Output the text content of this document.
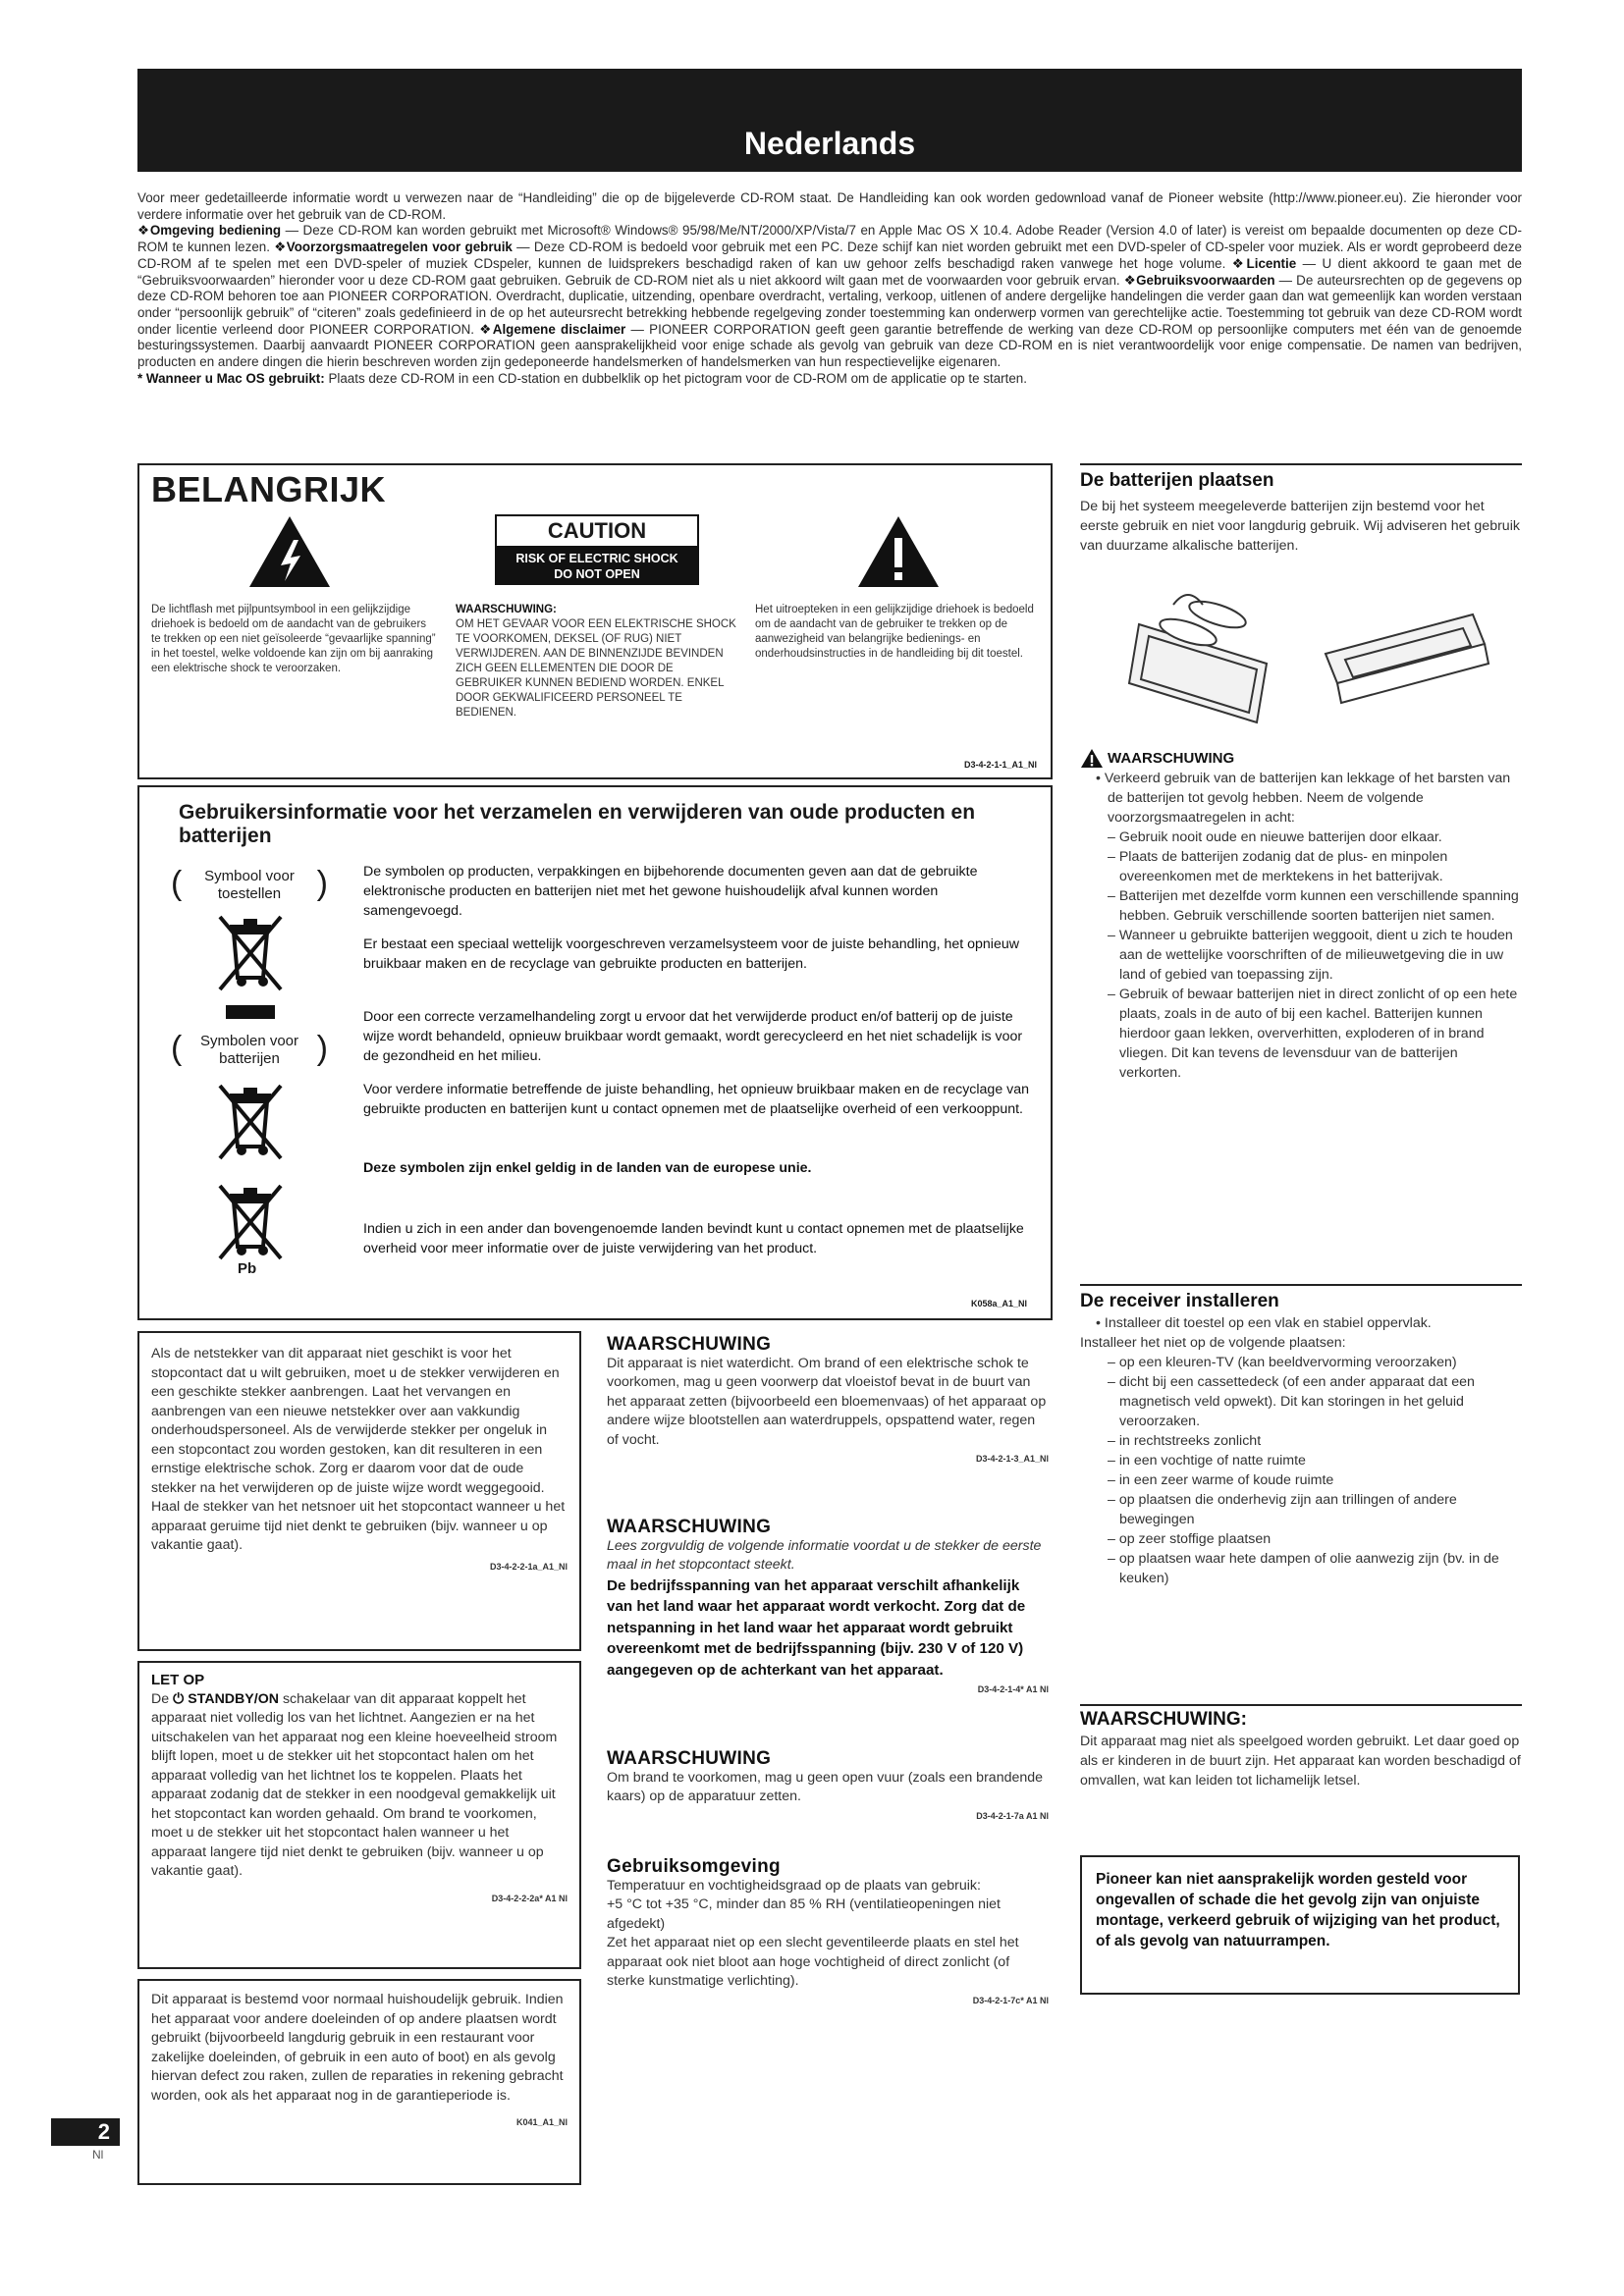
Nederlands

Voor meer gedetailleerde informatie wordt u verwezen naar de “Handleiding” die op de bijgeleverde CD-ROM staat. De Handleiding kan ook worden gedownload vanaf de Pioneer website (http://www.pioneer.eu). Zie hieronder voor verdere informatie over het gebruik van de CD-ROM.

❖Omgeving bediening — Deze CD-ROM kan worden gebruikt met Microsoft® Windows® 95/98/Me/NT/2000/XP/Vista/7 en Apple Mac OS X 10.4. Adobe Reader (Version 4.0 of later) is vereist om bepaalde documenten op deze CD-ROM te kunnen lezen. ❖Voorzorgsmaatregelen voor gebruik — Deze CD-ROM is bedoeld voor gebruik met een PC. Deze schijf kan niet worden gebruikt met een DVD-speler of CD-speler voor muziek. Als er wordt geprobeerd deze CD-ROM af te spelen met een DVD-speler of muziek CDspeler, kunnen de luidsprekers beschadigd raken of kan uw gehoor zelfs beschadigd raken vanwege het hoge volume. ❖Licentie — U dient akkoord te gaan met de “Gebruiksvoorwaarden” hieronder voor u deze CD-ROM gaat gebruiken. Gebruik de CD-ROM niet als u niet akkoord wilt gaan met de voorwaarden voor gebruik ervan. ❖Gebruiksvoorwaarden — De auteursrechten op de gegevens op deze CD-ROM behoren toe aan PIONEER CORPORATION. Overdracht, duplicatie, uitzending, openbare overdracht, vertaling, verkoop, uitlenen of andere dergelijke handelingen die verder gaan dan wat gemeenlijk kan worden verstaan onder “persoonlijk gebruik” of “citeren” zoals gedefinieerd in de op het auteursrecht betrekking hebbende regelgeving zonder toestemming kan onderwerp vormen van gerechtelijke actie. Toestemming tot gebruik van deze CD-ROM wordt onder licentie verleend door PIONEER CORPORATION. ❖Algemene disclaimer — PIONEER CORPORATION geeft geen garantie betreffende de werking van deze CD-ROM op persoonlijke computers met één van de genoemde besturingssystemen. Daarbij aanvaardt PIONEER CORPORATION geen aansprakelijkheid voor enige schade als gevolg van gebruik van deze CD-ROM en is niet verantwoordelijk voor enige compensatie. De namen van bedrijven, producten en andere dingen die hierin beschreven worden zijn gedeponeerde handelsmerken of handelsmerken van hun respectievelijke eigenaren.

* Wanneer u Mac OS gebruikt: Plaats deze CD-ROM in een CD-station en dubbelklik op het pictogram voor de CD-ROM om de applicatie op te starten.

BELANGRIJK
CAUTION
RISK OF ELECTRIC SHOCK
DO NOT OPEN
De lichtflash met pijlpuntsymbool in een gelijkzijdige driehoek is bedoeld om de aandacht van de gebruikers te trekken op een niet geïsoleerde “gevaarlijke spanning” in het toestel, welke voldoende kan zijn om bij aanraking een elektrische shock te veroorzaken.
WAARSCHUWING:
OM HET GEVAAR VOOR EEN ELEKTRISCHE SHOCK TE VOORKOMEN, DEKSEL (OF RUG) NIET VERWIJDEREN. AAN DE BINNENZIJDE BEVINDEN ZICH GEEN ELLEMENTEN DIE DOOR DE GEBRUIKER KUNNEN BEDIEND WORDEN. ENKEL DOOR GEKWALIFICEERD PERSONEEL TE BEDIENEN.
Het uitroepteken in een gelijkzijdige driehoek is bedoeld om de aandacht van de gebruiker te trekken op de aanwezigheid van belangrijke bedienings- en onderhoudsinstructies in de handleiding bij dit toestel.
D3-4-2-1-1_A1_Nl
Gebruikersinformatie voor het verzamelen en verwijderen van oude producten en batterijen
( Symbool voor toestellen )
( Symbolen voor batterijen )
Pb
De symbolen op producten, verpakkingen en bijbehorende documenten geven aan dat de gebruikte elektronische producten en batterijen niet met het gewone huishoudelijk afval kunnen worden samengevoegd.
Er bestaat een speciaal wettelijk voorgeschreven verzamelsysteem voor de juiste behandling, het opnieuw bruikbaar maken en de recyclage van gebruikte producten en batterijen.
Door een correcte verzamelhandeling zorgt u ervoor dat het verwijderde product en/of batterij op de juiste wijze wordt behandeld, opnieuw bruikbaar wordt gemaakt, wordt gerecycleerd en het niet schadelijk is voor de gezondheid en het milieu.
Voor verdere informatie betreffende de juiste behandling, het opnieuw bruikbaar maken en de recyclage van gebruikte producten en batterijen kunt u contact opnemen met de plaatselijke overheid of een verkooppunt.
Deze symbolen zijn enkel geldig in de landen van de europese unie.
Indien u zich in een ander dan bovengenoemde landen bevindt kunt u contact opnemen met de plaatselijke overheid voor meer informatie over de juiste verwijdering van het product.
K058a_A1_Nl
De batterijen plaatsen

De bij het systeem meegeleverde batterijen zijn bestemd voor het eerste gebruik en niet voor langdurig gebruik. Wij adviseren het gebruik van duurzame alkalische batterijen.

WAARSCHUWING

• Verkeerd gebruik van de batterijen kan lekkage of het barsten van de batterijen tot gevolg hebben. Neem de volgende voorzorgsmaatregelen in acht:

– Gebruik nooit oude en nieuwe batterijen door elkaar.

– Plaats de batterijen zodanig dat de plus- en minpolen overeenkomen met de merktekens in het batterijvak.

– Batterijen met dezelfde vorm kunnen een verschillende spanning hebben. Gebruik verschillende soorten batterijen niet samen.

– Wanneer u gebruikte batterijen weggooit, dient u zich te houden aan de wettelijke voorschriften of de milieuwetgeving die in uw land of gebied van toepassing zijn.

– Gebruik of bewaar batterijen niet in direct zonlicht of op een hete plaats, zoals in de auto of bij een kachel. Batterijen kunnen hierdoor gaan lekken, oververhitten, exploderen of in brand vliegen. Dit kan tevens de levensduur van de batterijen verkorten.

De receiver installeren

• Installeer dit toestel op een vlak en stabiel oppervlak.

Installeer het niet op de volgende plaatsen:

– op een kleuren-TV (kan beeldvervorming veroorzaken)

– dicht bij een cassettedeck (of een ander apparaat dat een magnetisch veld opwekt). Dit kan storingen in het geluid veroorzaken.

– in rechtstreeks zonlicht

– in een vochtige of natte ruimte

– in een zeer warme of koude ruimte

– op plaatsen die onderhevig zijn aan trillingen of andere bewegingen

– op zeer stoffige plaatsen

– op plaatsen waar hete dampen of olie aanwezig zijn (bv. in de keuken)

WAARSCHUWING:

Dit apparaat mag niet als speelgoed worden gebruikt. Let daar goed op als er kinderen in de buurt zijn. Het apparaat kan worden beschadigd of omvallen, wat kan leiden tot lichamelijk letsel.

Pioneer kan niet aansprakelijk worden gesteld voor ongevallen of schade die het gevolg zijn van onjuiste montage, verkeerd gebruik of wijziging van het product, of als gevolg van natuurrampen.
Als de netstekker van dit apparaat niet geschikt is voor het stopcontact dat u wilt gebruiken, moet u de stekker verwijderen en een geschikte stekker aanbrengen. Laat het vervangen en aanbrengen van een nieuwe netstekker over aan vakkundig onderhoudspersoneel. Als de verwijderde stekker per ongeluk in een stopcontact zou worden gestoken, kan dit resulteren in een ernstige elektrische schok. Zorg er daarom voor dat de oude stekker na het verwijderen op de juiste wijze wordt weggegooid. Haal de stekker van het netsnoer uit het stopcontact wanneer u het apparaat geruime tijd niet denkt te gebruiken (bijv. wanneer u op vakantie gaat).
D3-4-2-2-1a_A1_Nl
LET OP
De ⏻ STANDBY/ON schakelaar van dit apparaat koppelt het apparaat niet volledig los van het lichtnet. Aangezien er na het uitschakelen van het apparaat nog een kleine hoeveelheid stroom blijft lopen, moet u de stekker uit het stopcontact halen om het apparaat volledig van het lichtnet los te koppelen. Plaats het apparaat zodanig dat de stekker in een noodgeval gemakkelijk uit het stopcontact kan worden gehaald. Om brand te voorkomen, moet u de stekker uit het stopcontact halen wanneer u het apparaat langere tijd niet denkt te gebruiken (bijv. wanneer u op vakantie gaat).
D3-4-2-2-2a* A1 Nl
Dit apparaat is bestemd voor normaal huishoudelijk gebruik. Indien het apparaat voor andere doeleinden of op andere plaatsen wordt gebruikt (bijvoorbeeld langdurig gebruik in een restaurant voor zakelijke doeleinden, of gebruik in een auto of boot) en als gevolg hiervan defect zou raken, zullen de reparaties in rekening gebracht worden, ook als het apparaat nog in de garantieperiode is.
K041_A1_Nl
WAARSCHUWING
Dit apparaat is niet waterdicht. Om brand of een elektrische schok te voorkomen, mag u geen voorwerp dat vloeistof bevat in de buurt van het apparaat zetten (bijvoorbeeld een bloemenvaas) of het apparaat op andere wijze blootstellen aan waterdruppels, opspattend water, regen of vocht.
D3-4-2-1-3_A1_Nl
WAARSCHUWING
Lees zorgvuldig de volgende informatie voordat u de stekker de eerste maal in het stopcontact steekt.
De bedrijfsspanning van het apparaat verschilt afhankelijk van het land waar het apparaat wordt verkocht. Zorg dat de netspanning in het land waar het apparaat wordt gebruikt overeenkomt met de bedrijfsspanning (bijv. 230 V of 120 V) aangegeven op de achterkant van het apparaat.
D3-4-2-1-4* A1 Nl
WAARSCHUWING
Om brand te voorkomen, mag u geen open vuur (zoals een brandende kaars) op de apparatuur zetten.
D3-4-2-1-7a A1 Nl
Gebruiksomgeving
Temperatuur en vochtigheidsgraad op de plaats van gebruik:
+5 °C tot +35 °C, minder dan 85 % RH (ventilatieopeningen niet afgedekt)
Zet het apparaat niet op een slecht geventileerde plaats en stel het apparaat ook niet bloot aan hoge vochtigheid of direct zonlicht (of sterke kunstmatige verlichting).
D3-4-2-1-7c* A1 Nl
2
Nl
